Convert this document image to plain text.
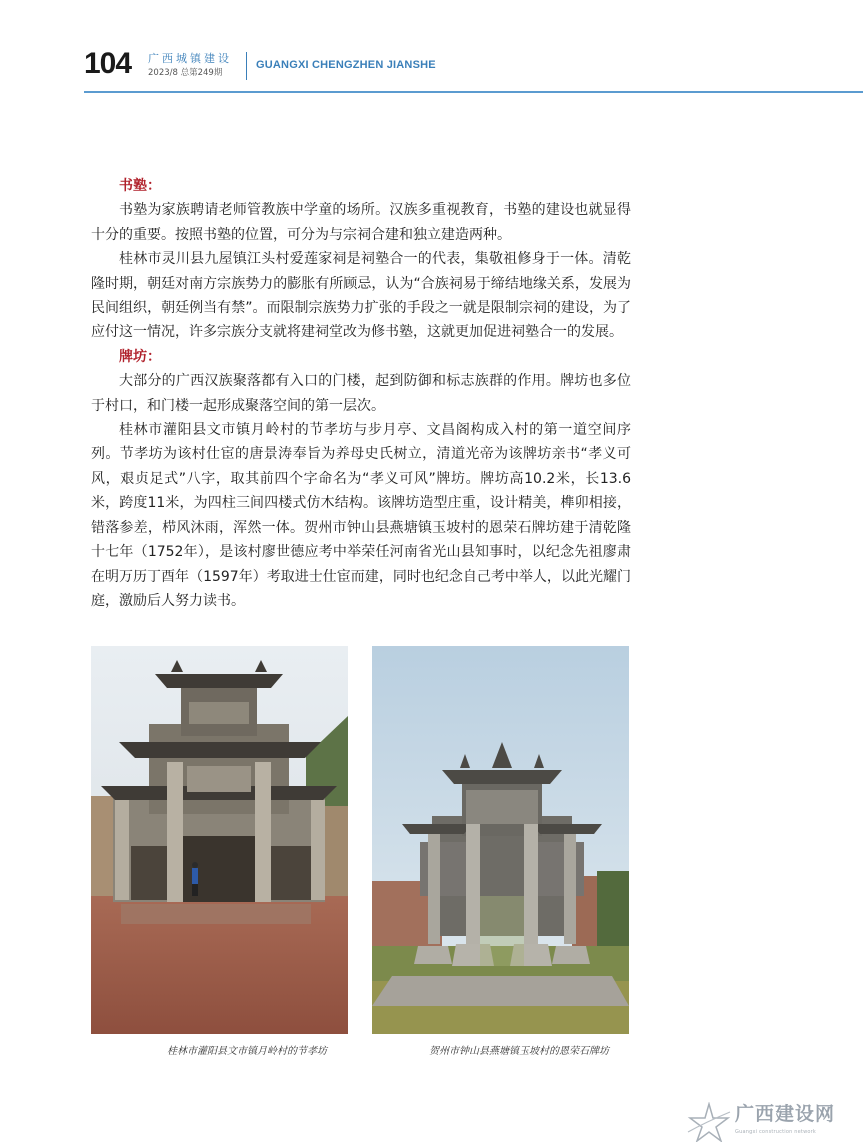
104 广西城镇建设
2023/8 总第249期
GUANGXI CHENGZHEN JIANSHE
书塾：

书塾为家族聘请老师管教族中学童的场所。汉族多重视教育，书塾的建设也就显得十分的重要。按照书塾的位置，可分为与宗祠合建和独立建造两种。

桂林市灵川县九屋镇江头村爱莲家祠是祠塾合一的代表，集敬祖修身于一体。清乾隆时期，朝廷对南方宗族势力的膨胀有所顾忌，认为“合族祠易于缔结地缘关系，发展为民间组织，朝廷例当有禁”。而限制宗族势力扩张的手段之一就是限制宗祠的建设，为了应付这一情况，许多宗族分支就将建祠堂改为修书塾，这就更加促进祠塾合一的发展。

牌坊：

大部分的广西汉族聚落都有入口的门楼，起到防御和标志族群的作用。牌坊也多位于村口，和门楼一起形成聚落空间的第一层次。

桂林市灌阳县文市镇月岭村的节孝坊与步月亭、文昌阁构成入村的第一道空间序列。节孝坊为该村仕宦的唐景涛奉旨为养母史氏树立，清道光帝为该牌坊亲书“孝义可风，艰贞足式”八字，取其前四个字命名为“孝义可风”牌坊。牌坊高10.2米，长13.6米，跨度11米，为四柱三间四楼式仿木结构。该牌坊造型庄重，设计精美，榫卯相接，错落参差，栉风沐雨，浑然一体。贺州市钟山县燕塘镇玉坡村的恩荣石牌坊建于清乾隆十七年（1752年），是该村廖世德应考中举荣任河南省光山县知事时，以纪念先祖廖肃在明万历丁酉年（1597年）考取进士仕宦而建，同时也纪念自己考中举人，以此光耀门庭，激励后人努力读书。

桂林市灌阳县文市镇月岭村的节孝坊	贺州市钟山县燕塘镇玉坡村的恩荣石牌坊
广西建设网
Guangxi construction network
